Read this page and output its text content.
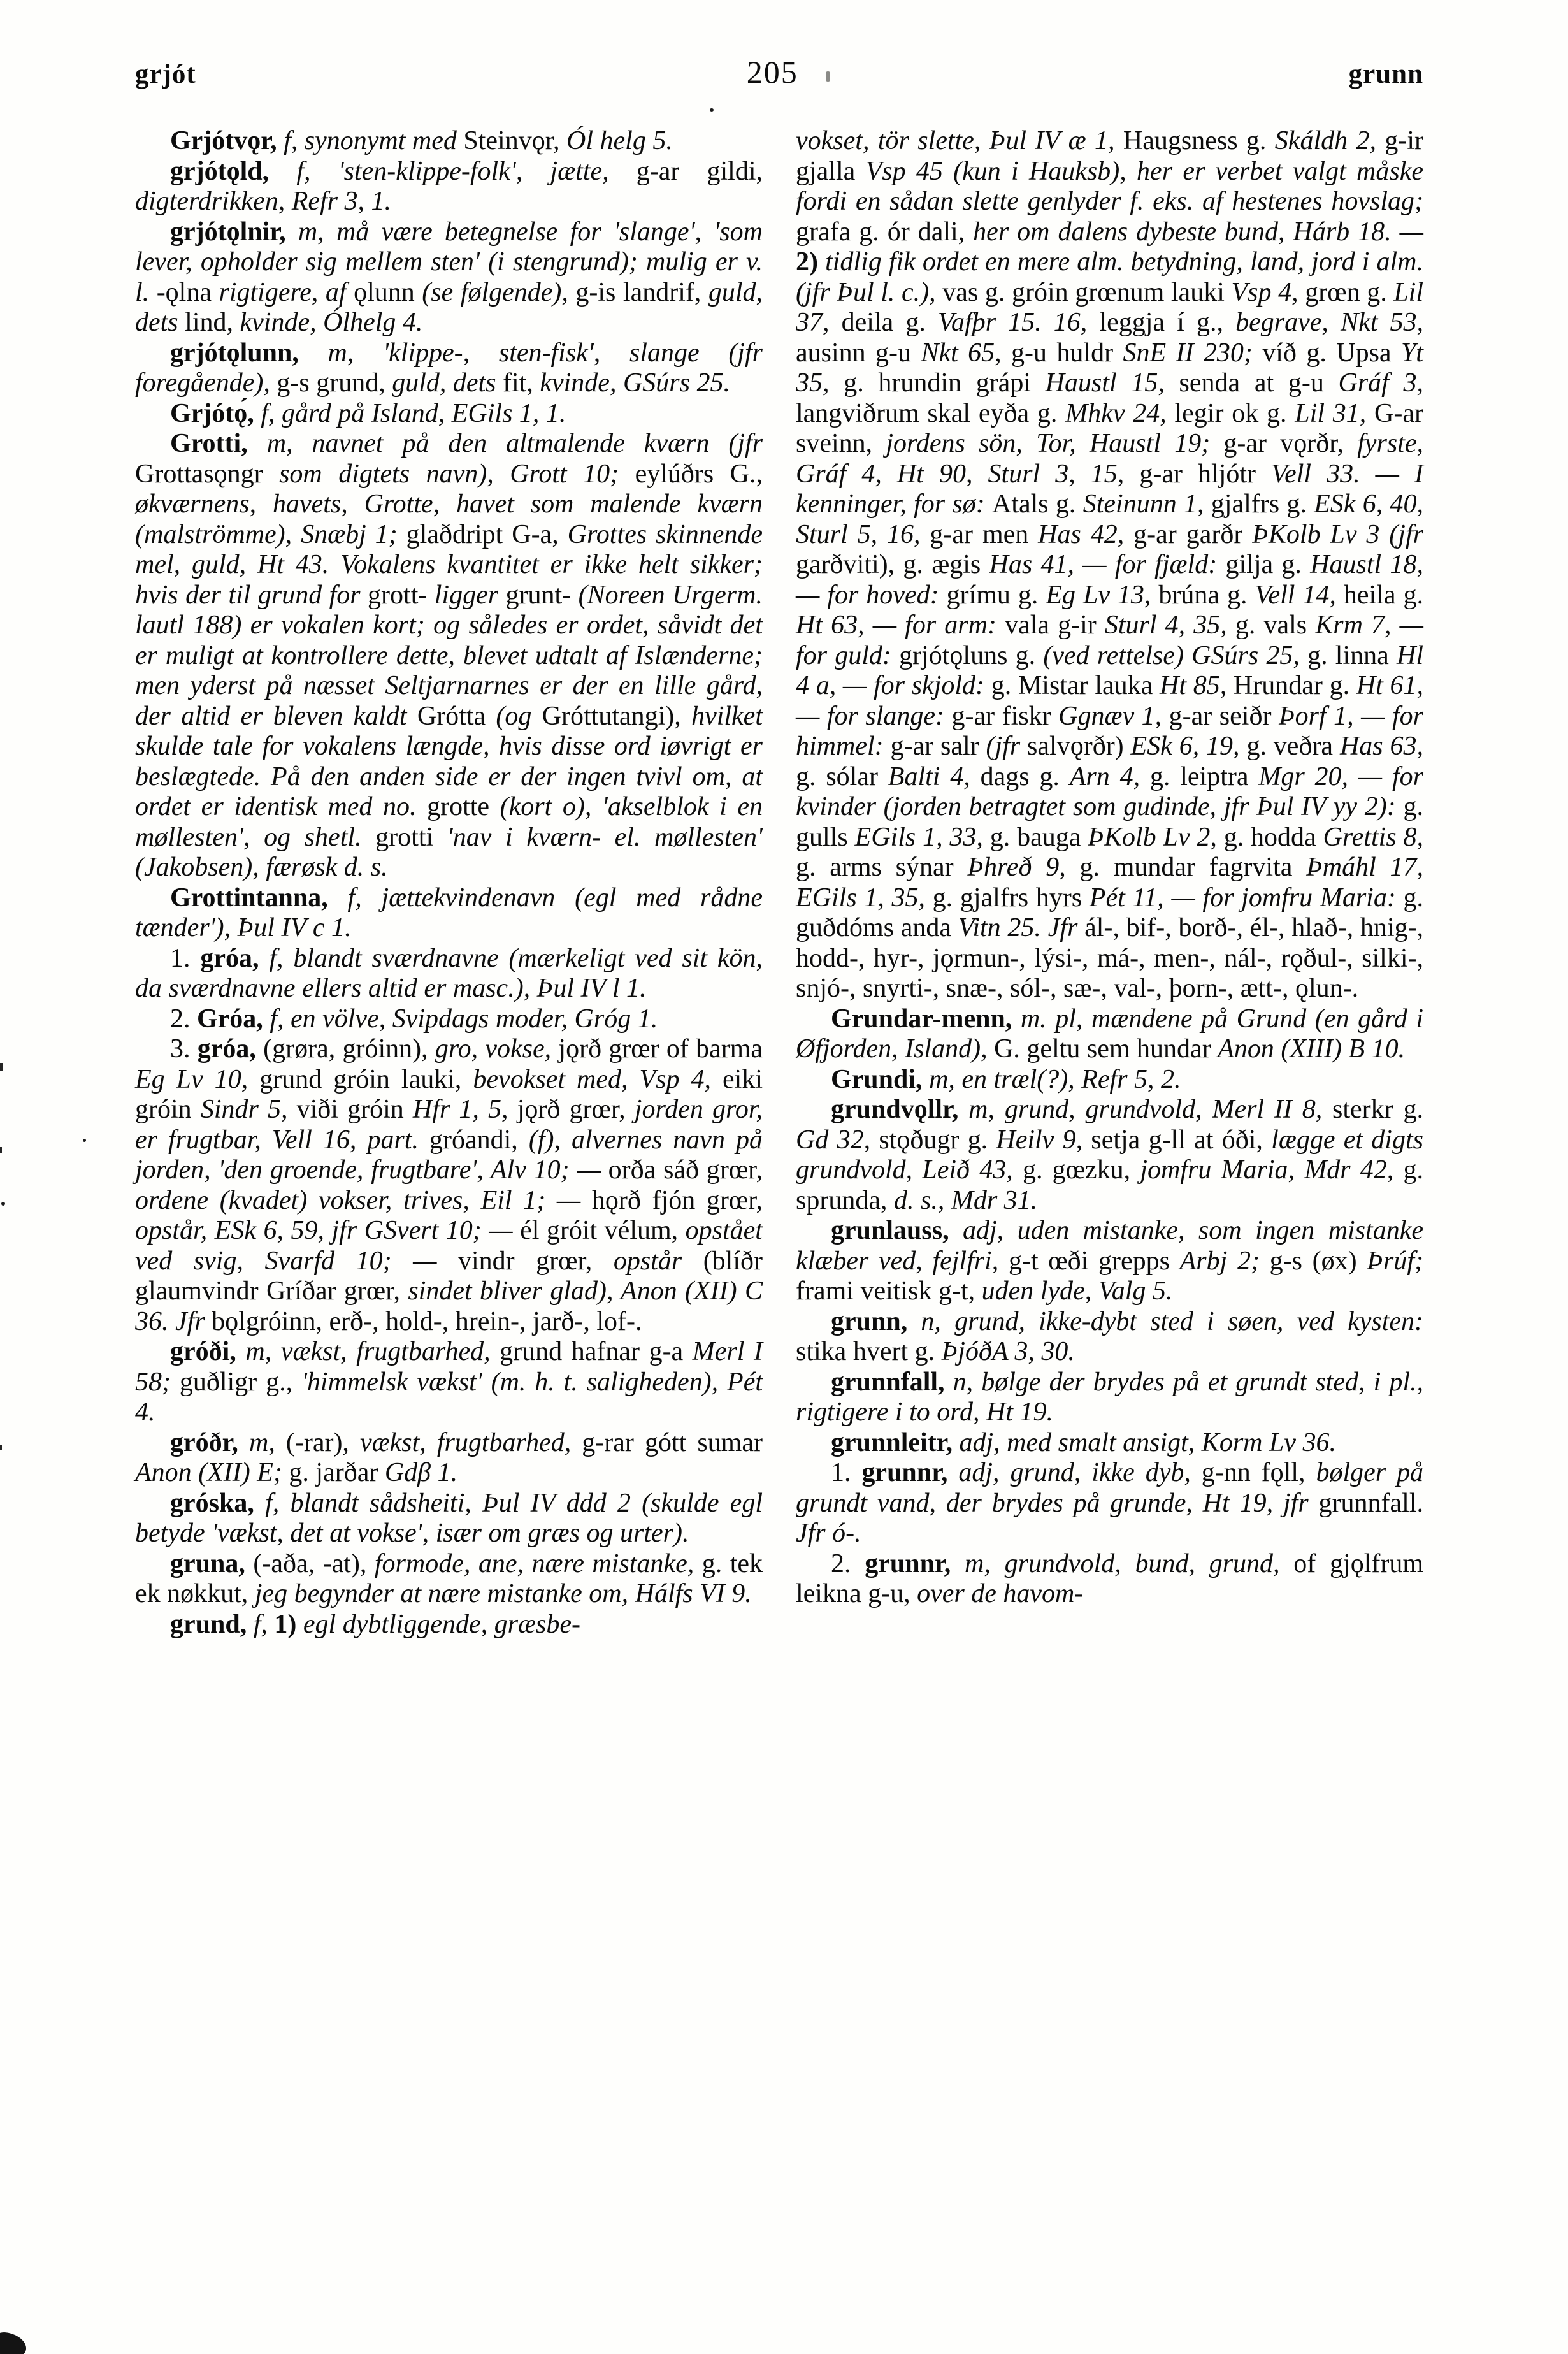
grjót	205	grunn

Grjótvǫr, f, synonymt med Steinvǫr, Ól helg 5.

grjótǫld, f, 'sten-klippe-folk', jætte, g-ar gildi, digterdrikken, Refr 3, 1.

grjótǫlnir, m, må være betegnelse for 'slange', 'som lever, opholder sig mellem sten' (i stengrund); mulig er v. l. -ǫlna rigtigere, af ǫlunn (se følgende), g-is landrif, guld, dets lind, kvinde, Ólhelg 4.

grjótǫlunn, m, 'klippe-, sten-fisk', slange (jfr foregående), g-s grund, guld, dets fit, kvinde, GSúrs 25.

Grjótǫ́, f, gård på Island, EGils 1, 1.

Grotti, m, navnet på den altmalende kværn (jfr Grottasǫngr som digtets navn), Grott 10; eylúðrs G., økværnens, havets, Grotte, havet som malende kværn (malströmme), Snæbj 1; glaðdript G-a, Grottes skinnende mel, guld, Ht 43. Vokalens kvantitet er ikke helt sikker; hvis der til grund for grott- ligger grunt- (Noreen Urgerm. lautl 188) er vokalen kort; og således er ordet, såvidt det er muligt at kontrollere dette, blevet udtalt af Islænderne; men yderst på næsset Seltjarnarnes er der en lille gård, der altid er bleven kaldt Grótta (og Gróttutangi), hvilket skulde tale for vokalens længde, hvis disse ord iøvrigt er beslægtede. På den anden side er der ingen tvivl om, at ordet er identisk med no. grotte (kort o), 'akselblok i en møllesten', og shetl. grotti 'nav i kværn- el. møllesten' (Jakobsen), færøsk d. s.

Grottintanna, f, jættekvindenavn (egl med rådne tænder'), Þul IV c 1.

1. gróa, f, blandt sværdnavne (mærkeligt ved sit kön, da sværdnavne ellers altid er masc.), Þul IV l 1.

2. Gróa, f, en völve, Svipdags moder, Gróg 1.

3. gróa, (grøra, gróinn), gro, vokse, jǫrð grœr of barma Eg Lv 10, grund gróin lauki, bevokset med, Vsp 4, eiki gróin Sindr 5, viði gróin Hfr 1, 5, jǫrð grœr, jorden gror, er frugtbar, Vell 16, part. gróandi, (f), alvernes navn på jorden, 'den groende, frugtbare', Alv 10; — orða sáð grœr, ordene (kvadet) vokser, trives, Eil 1; — hǫrð fjón grœr, opstår, ESk 6, 59, jfr GSvert 10; — él gróit vélum, opstået ved svig, Svarfd 10; — vindr grœr, opstår (blíðr glaumvindr Gríðar grœr, sindet bliver glad), Anon (XII) C 36. Jfr bǫlgróinn, erð-, hold-, hrein-, jarð-, lof-.

gróði, m, vækst, frugtbarhed, grund hafnar g-a Merl I 58; guðligr g., 'himmelsk vækst' (m. h. t. saligheden), Pét 4.

gróðr, m, (-rar), vækst, frugtbarhed, g-rar gótt sumar Anon (XII) E; g. jarðar Gdβ 1.

gróska, f, blandt sådsheiti, Þul IV ddd 2 (skulde egl betyde 'vækst, det at vokse', især om græs og urter).

gruna, (-aða, -at), formode, ane, nære mistanke, g. tek ek nøkkut, jeg begynder at nære mistanke om, Hálfs VI 9.

grund, f, 1) egl dybtliggende, græsbe-

vokset, tör slette, Þul IV æ 1, Haugsness g. Skáldh 2, g-ir gjalla Vsp 45 (kun i Hauksb), her er verbet valgt måske fordi en sådan slette genlyder f. eks. af hestenes hovslag; grafa g. ór dali, her om dalens dybeste bund, Hárb 18. — 2) tidlig fik ordet en mere alm. betydning, land, jord i alm. (jfr Þul l. c.), vas g. gróin grœnum lauki Vsp 4, grœn g. Lil 37, deila g. Vafþr 15. 16, leggja í g., begrave, Nkt 53, ausinn g-u Nkt 65, g-u huldr SnE II 230; víð g. Upsa Yt 35, g. hrundin grápi Haustl 15, senda at g-u Gráf 3, langviðrum skal eyða g. Mhkv 24, legir ok g. Lil 31, G-ar sveinn, jordens sön, Tor, Haustl 19; g-ar vǫrðr, fyrste, Gráf 4, Ht 90, Sturl 3, 15, g-ar hljótr Vell 33. — I kenninger, for sø: Atals g. Steinunn 1, gjalfrs g. ESk 6, 40, Sturl 5, 16, g-ar men Has 42, g-ar garðr ÞKolb Lv 3 (jfr garðviti), g. ægis Has 41, — for fjæld: gilja g. Haustl 18, — for hoved: grímu g. Eg Lv 13, brúna g. Vell 14, heila g. Ht 63, — for arm: vala g-ir Sturl 4, 35, g. vals Krm 7, — for guld: grjótǫluns g. (ved rettelse) GSúrs 25, g. linna Hl 4 a, — for skjold: g. Mistar lauka Ht 85, Hrundar g. Ht 61, — for slange: g-ar fiskr Ggnæv 1, g-ar seiðr Þorf 1, — for himmel: g-ar salr (jfr salvǫrðr) ESk 6, 19, g. veðra Has 63, g. sólar Balti 4, dags g. Arn 4, g. leiptra Mgr 20, — for kvinder (jorden betragtet som gudinde, jfr Þul IV yy 2): g. gulls EGils 1, 33, g. bauga ÞKolb Lv 2, g. hodda Grettis 8, g. arms sýnar Þhreð 9, g. mundar fagrvita Þmáhl 17, EGils 1, 35, g. gjalfrs hyrs Pét 11, — for jomfru Maria: g. guðdóms anda Vitn 25. Jfr ál-, bif-, borð-, él-, hlað-, hnig-, hodd-, hyr-, jǫrmun-, lýsi-, má-, men-, nál-, rǫðul-, silki-, snjó-, snyrti-, snæ-, sól-, sæ-, val-, þorn-, ætt-, ǫlun-.

Grundar-menn, m. pl, mændene på Grund (en gård i Øfjorden, Island), G. geltu sem hundar Anon (XIII) B 10.

Grundi, m, en træl(?), Refr 5, 2.

grundvǫllr, m, grund, grundvold, Merl II 8, sterkr g. Gd 32, stǫðugr g. Heilv 9, setja g-ll at óði, lægge et digts grundvold, Leið 43, g. gœzku, jomfru Maria, Mdr 42, g. sprunda, d. s., Mdr 31.

grunlauss, adj, uden mistanke, som ingen mistanke klæber ved, fejlfri, g-t œði grepps Arbj 2; g-s (øx) Þrúf; frami veitisk g-t, uden lyde, Valg 5.

grunn, n, grund, ikke-dybt sted i søen, ved kysten: stika hvert g. ÞjóðA 3, 30.

grunnfall, n, bølge der brydes på et grundt sted, i pl., rigtigere i to ord, Ht 19.

grunnleitr, adj, med smalt ansigt, Korm Lv 36.

1. grunnr, adj, grund, ikke dyb, g-nn fǫll, bølger på grundt vand, der brydes på grunde, Ht 19, jfr grunnfall. Jfr ó-.

2. grunnr, m, grundvold, bund, grund, of gjǫlfrum leikna g-u, over de havom-
